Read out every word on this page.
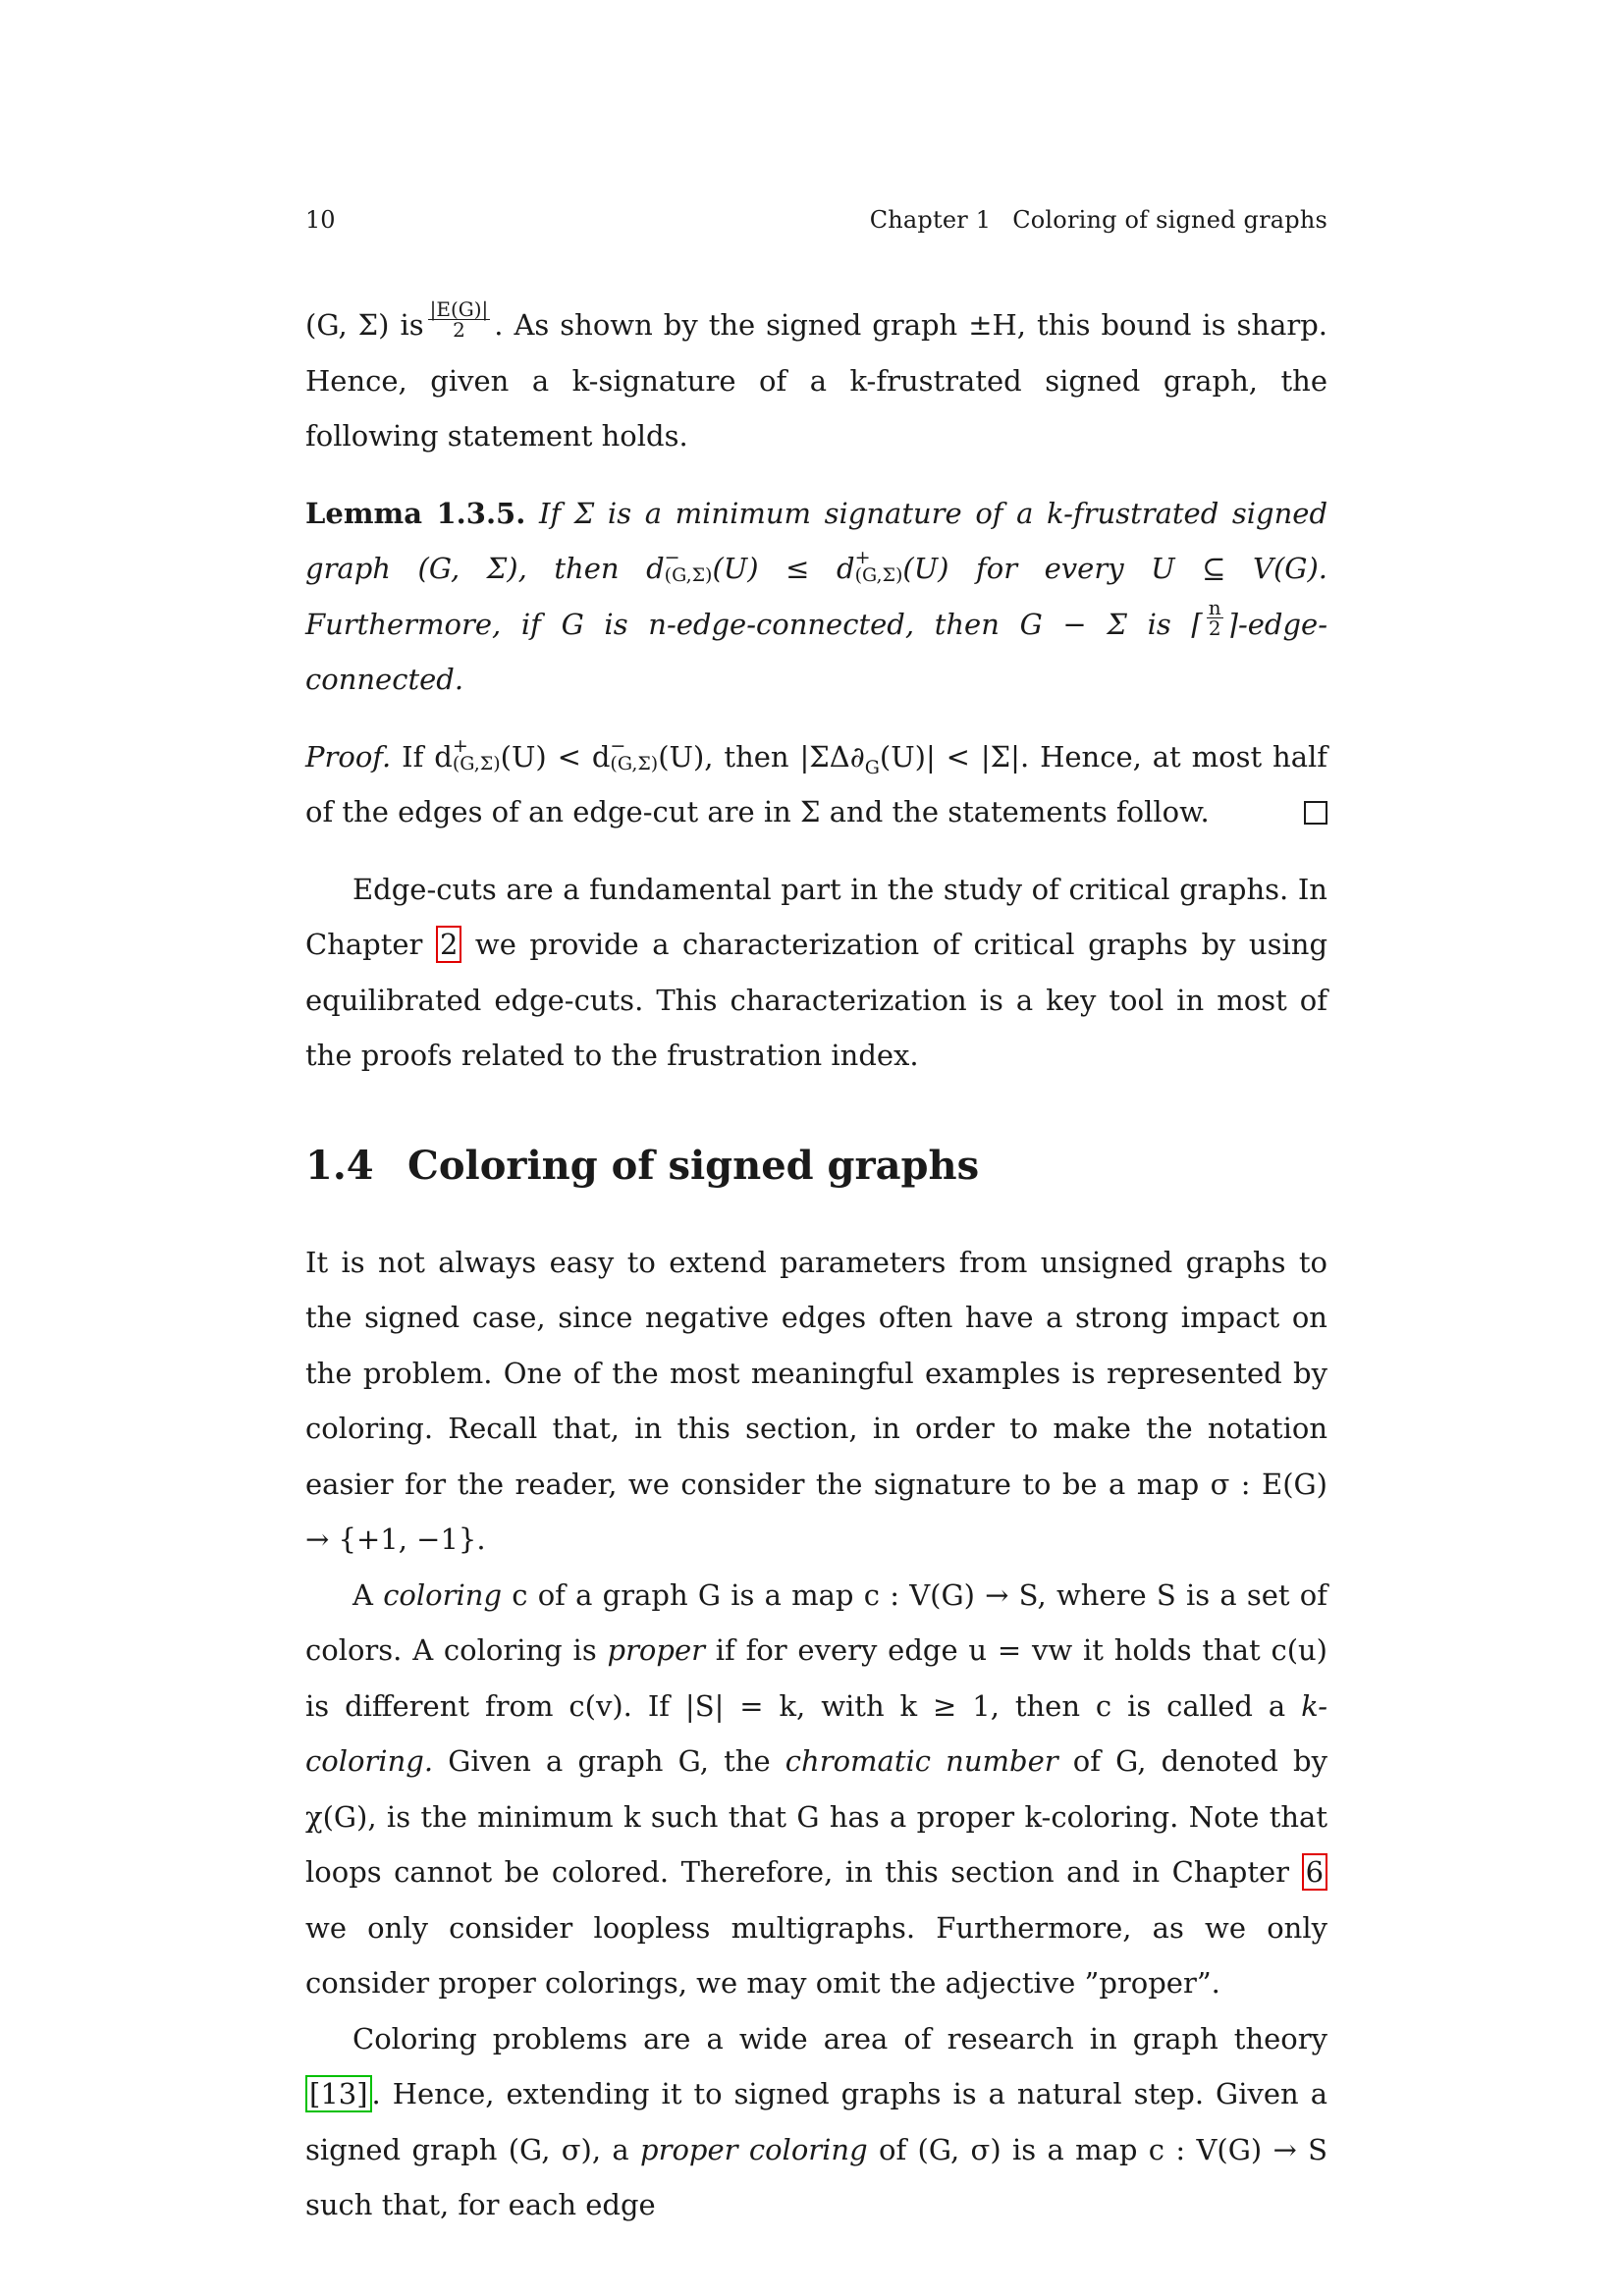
10	Chapter 1 Coloring of signed graphs

(G, Σ) is $\frac{|E(G)|}{2}$ . As shown by the signed graph ±H, this bound is sharp. Hence, given a k-signature of a k-frustrated signed graph, the following statement holds.

Lemma 1.3.5. If Σ is a minimum signature of a k-frustrated signed graph (G, Σ), then d −
(G,Σ) (U) ≤ d +
(G,Σ) (U) for every U ⊆ V(G). Furthermore, if G is n-edge-connected, then G − Σ is ⌈ $\frac{n}{2}$ ⌉-edge-connected.

Proof. If d +
(G,Σ) (U) < d −
(G,Σ) (U), then $|\Sigma\Delta\partial_G(U)| < |\Sigma|$. Hence, at most half of the edges of an edge-cut are in Σ and the statements follow.

Edge-cuts are a fundamental part in the study of critical graphs. In Chapter 2 we provide a characterization of critical graphs by using equilibrated edge-cuts. This characterization is a key tool in most of the proofs related to the frustration index.

1.4 Coloring of signed graphs

It is not always easy to extend parameters from unsigned graphs to the signed case, since negative edges often have a strong impact on the problem. One of the most meaningful examples is represented by coloring. Recall that, in this section, in order to make the notation easier for the reader, we consider the signature to be a map σ : E(G) → {+1, −1}.

A coloring c of a graph G is a map c : V(G) → S, where S is a set of colors. A coloring is proper if for every edge u = vw it holds that c(u) is different from c(v). If |S| = k, with k ≥ 1, then c is called a k-coloring. Given a graph G, the chromatic number of G, denoted by χ(G), is the minimum k such that G has a proper k-coloring. Note that loops cannot be colored. Therefore, in this section and in Chapter 6 we only consider loopless multigraphs. Furthermore, as we only consider proper colorings, we may omit the adjective ”proper”.

Coloring problems are a wide area of research in graph theory [13] . Hence, extending it to signed graphs is a natural step. Given a signed graph (G, σ), a proper coloring of (G, σ) is a map c : V(G) → S such that, for each edge
